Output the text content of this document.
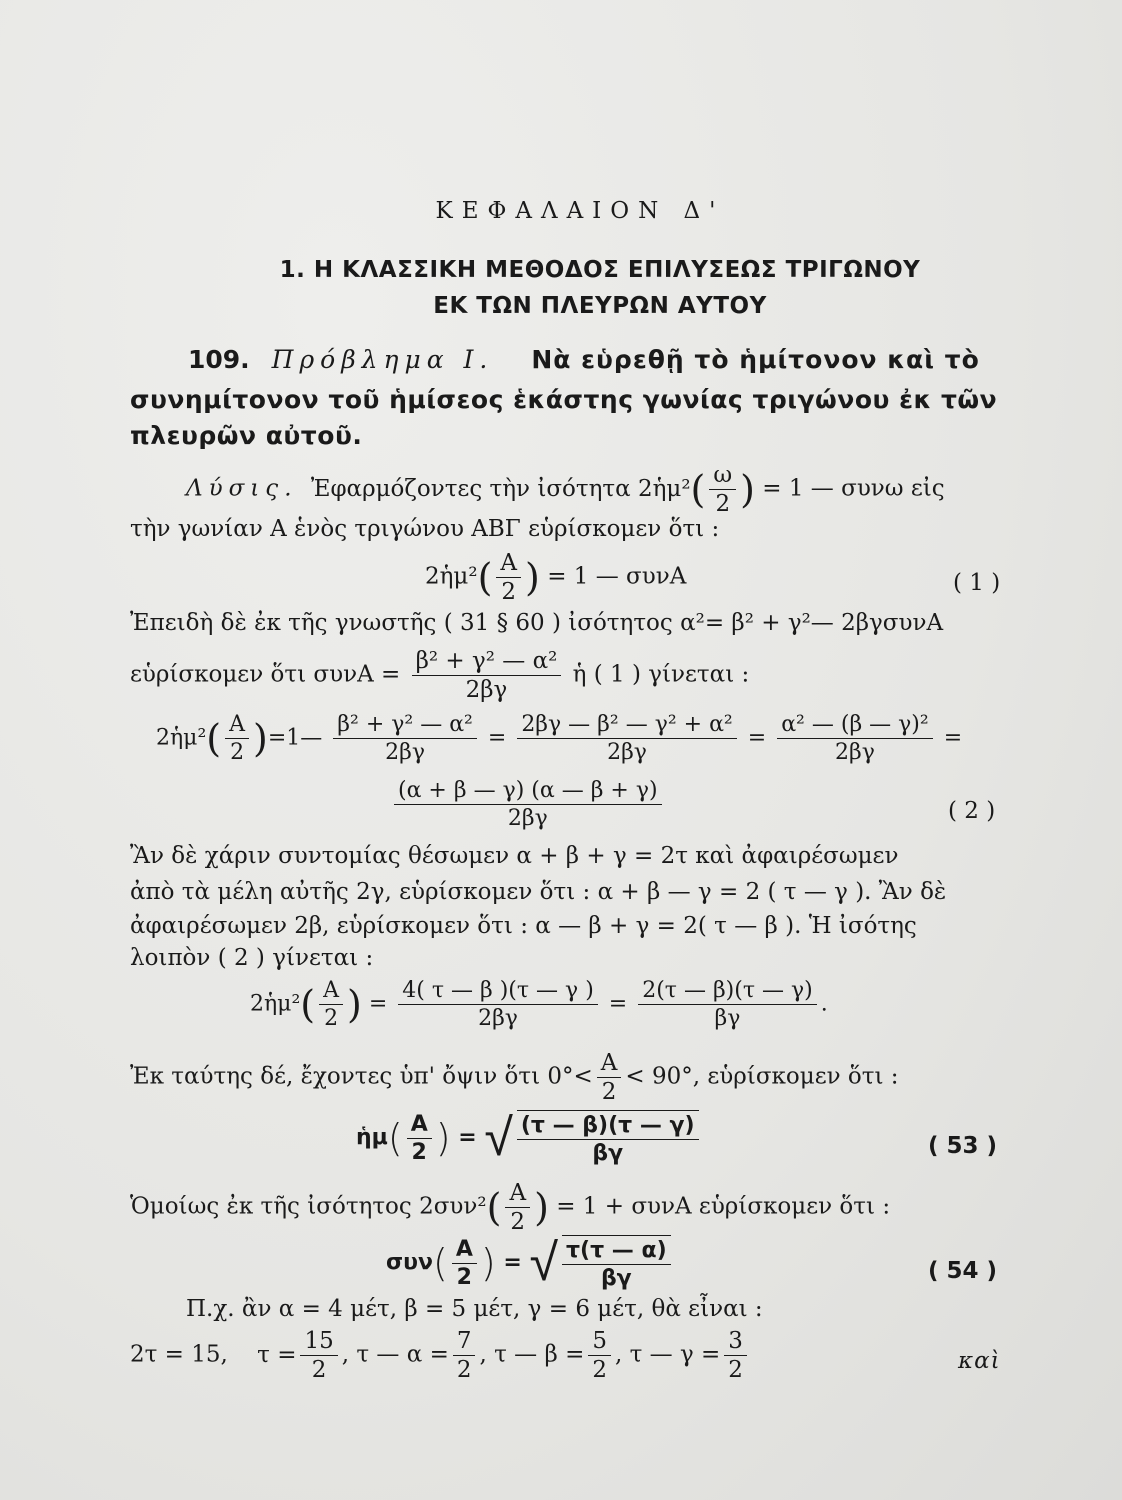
ΚΕΦΑΛΑΙΟΝ Δ'
1. Η ΚΛΑΣΣΙΚΗ ΜΕΘΟΔΟΣ ΕΠΙΛΥΣΕΩΣ ΤΡΙΓΩΝΟΥ
ΕΚ ΤΩΝ ΠΛΕΥΡΩΝ ΑΥΤΟΥ
109. Πρόβλημα Ι. Νὰ εὑρεθῇ τὸ ἡμίτονον καὶ τὸ
συνημίτονον τοῦ ἡμίσεος ἑκάστης γωνίας τριγώνου ἐκ τῶν
πλευρῶν αὐτοῦ.
Λύσις. Ἐφαρμόζοντες τὴν ἰσότητα 2ἡμ²( $\frac{\omega}{2}$ ) = 1 — συνω εἰς
τὴν γωνίαν Α ἑνὸς τριγώνου ΑΒΓ εὑρίσκομεν ὅτι :
2ἡμ²( $\frac{A}{2}$ ) = 1 — συνΑ	( 1 )
Ἐπειδὴ δὲ ἐκ τῆς γνωστῆς ( 31 § 60 ) ἰσότητος α²= β² + γ²— 2βγσυνΑ
εὑρίσκομεν ὅτι $\sigma\upsilon\nu A = \frac{\text{β² + γ² — α²}}{2\beta\gamma}$ ἡ ( 1 ) γίνεται :
2ἡμ²( $\frac{A}{2}$ )=1— $\frac{\text{β² + γ² — α²}}{2\beta\gamma} = \frac{\text{2βγ — β² — γ² + α²}}{2\beta\gamma} = \frac{\text{α² — (β — γ)²}}{2\beta\gamma}$ =
$\frac{(\alpha + \beta — \gamma) (\alpha — \beta + \gamma)}{2\beta\gamma}$	( 2 )
Ἂν δὲ χάριν συντομίας θέσωμεν α + β + γ = 2τ καὶ ἀφαιρέσωμεν
ἀπὸ τὰ μέλη αὐτῆς 2γ, εὑρίσκομεν ὅτι : α + β — γ = 2 ( τ — γ ). Ἂν δὲ
ἀφαιρέσωμεν 2β, εὑρίσκομεν ὅτι : α — β + γ = 2( τ — β ). Ἡ ἰσότης
λοιπὸν ( 2 ) γίνεται :
2ἡμ²( $\frac{A}{2}$ ) = $\frac{4( \tau — \beta )(\tau — \gamma )}{2\beta\gamma} = \frac{2(\tau — \beta)(\tau — \gamma)}{\beta\gamma}$ .
Ἐκ ταύτης δέ, ἔχοντες ὑπ' ὄψιν ὅτι $0^\circ< \frac{A}{2} < 90^\circ$, εὑρίσκομεν ὅτι :
ἡμ( $\frac{A}{2}$ ) = √ $\frac{(\tau — \beta)(\tau — \gamma)}{\beta\gamma}$	( 53 )
Ὁμοίως ἐκ τῆς ἰσότητος $2\sigma\upsilon\nu^2( \frac{A}{2}$ ) = 1 + συνΑ εὑρίσκομεν ὅτι :
$\sigma\upsilon\nu( \frac{A}{2}$ ) = √ $\frac{\tau(\tau — \alpha)}{\beta\gamma}$	( 54 )
Π.χ. ἂν α = 4 μέτ, β = 5 μέτ, γ = 6 μέτ, θὰ εἶναι :
2τ = 15, $\tau = \frac{15}{2}$ , τ — $\alpha = \frac{7}{2}$ , τ — $\beta = \frac{5}{2}$ , τ — $\gamma = \frac{3}{2}$	καὶ
